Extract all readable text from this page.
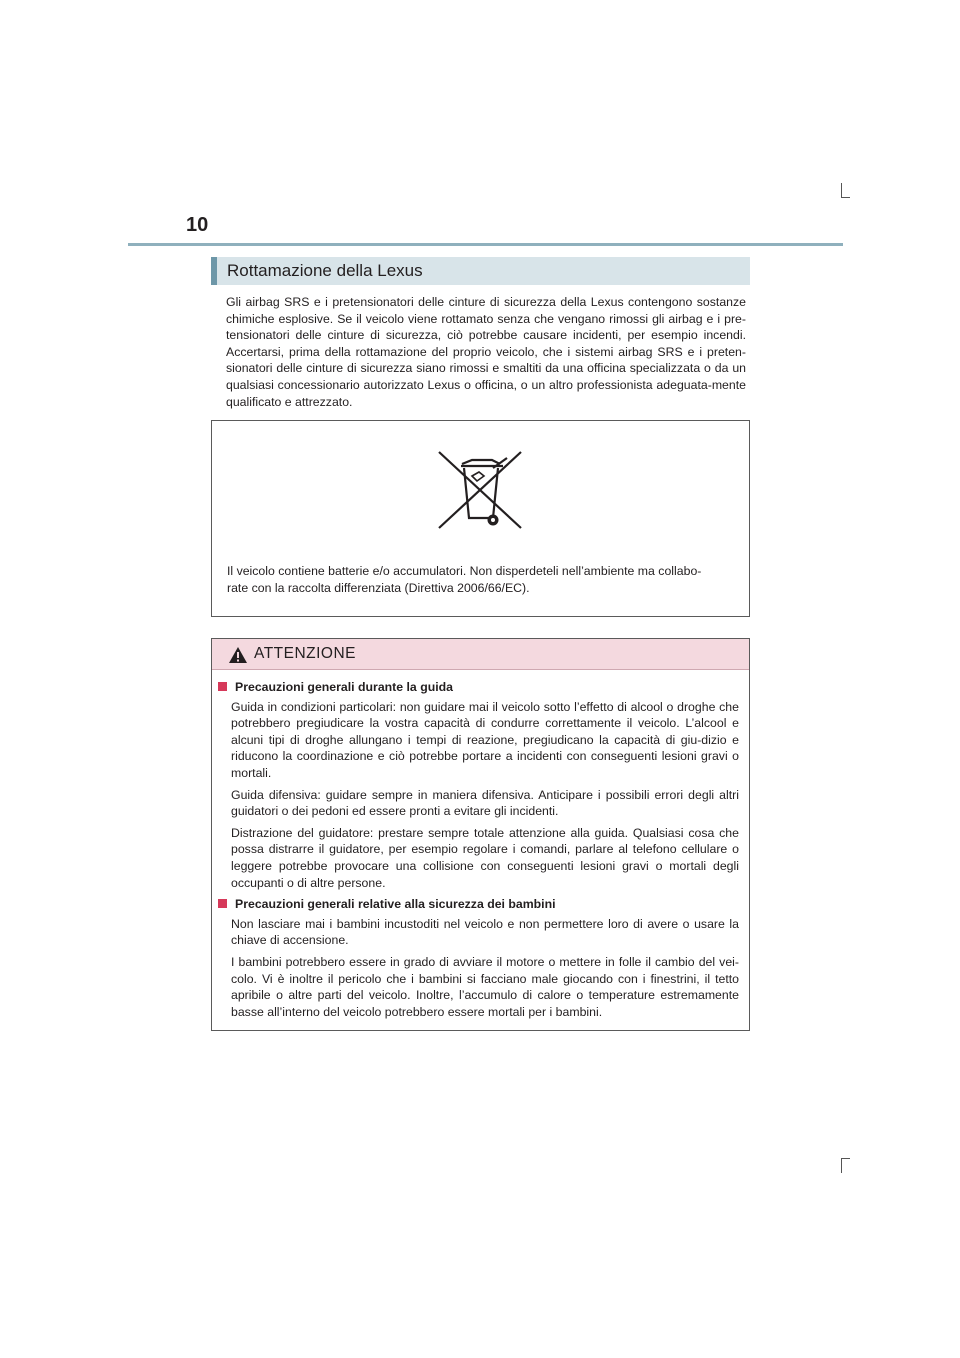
10
Rottamazione della Lexus

Gli airbag SRS e i pretensionatori delle cinture di sicurezza della Lexus contengono sostanze chimiche esplosive. Se il veicolo viene rottamato senza che vengano rimossi gli airbag e i pre-tensionatori delle cinture di sicurezza, ciò potrebbe causare incidenti, per esempio incendi. Accertarsi, prima della rottamazione del proprio veicolo, che i sistemi airbag SRS e i preten-sionatori delle cinture di sicurezza siano rimossi e smaltiti da una officina specializzata o da un qualsiasi concessionario autorizzato Lexus o officina, o un altro professionista adeguata-mente qualificato e attrezzato.

Il veicolo contiene batterie e/o accumulatori. Non disperdeteli nell’ambiente ma collabo-rate con la raccolta differenziata (Direttiva 2006/66/EC).

ATTENZIONE
Precauzioni generali durante la guida

Guida in condizioni particolari: non guidare mai il veicolo sotto l’effetto di alcool o droghe che potrebbero pregiudicare la vostra capacità di condurre correttamente il veicolo. L’alcool e alcuni tipi di droghe allungano i tempi di reazione, pregiudicano la capacità di giu-dizio e riducono la coordinazione e ciò potrebbe portare a incidenti con conseguenti lesioni gravi o mortali.

Guida difensiva: guidare sempre in maniera difensiva. Anticipare i possibili errori degli altri guidatori o dei pedoni ed essere pronti a evitare gli incidenti.

Distrazione del guidatore: prestare sempre totale attenzione alla guida. Qualsiasi cosa che possa distrarre il guidatore, per esempio regolare i comandi, parlare al telefono cellulare o leggere potrebbe provocare una collisione con conseguenti lesioni gravi o mortali degli occupanti o di altre persone.

Precauzioni generali relative alla sicurezza dei bambini

Non lasciare mai i bambini incustoditi nel veicolo e non permettere loro di avere o usare la chiave di accensione.

I bambini potrebbero essere in grado di avviare il motore o mettere in folle il cambio del vei-colo. Vi è inoltre il pericolo che i bambini si facciano male giocando con i finestrini, il tetto apribile o altre parti del veicolo. Inoltre, l’accumulo di calore o temperature estremamente basse all’interno del veicolo potrebbero essere mortali per i bambini.
